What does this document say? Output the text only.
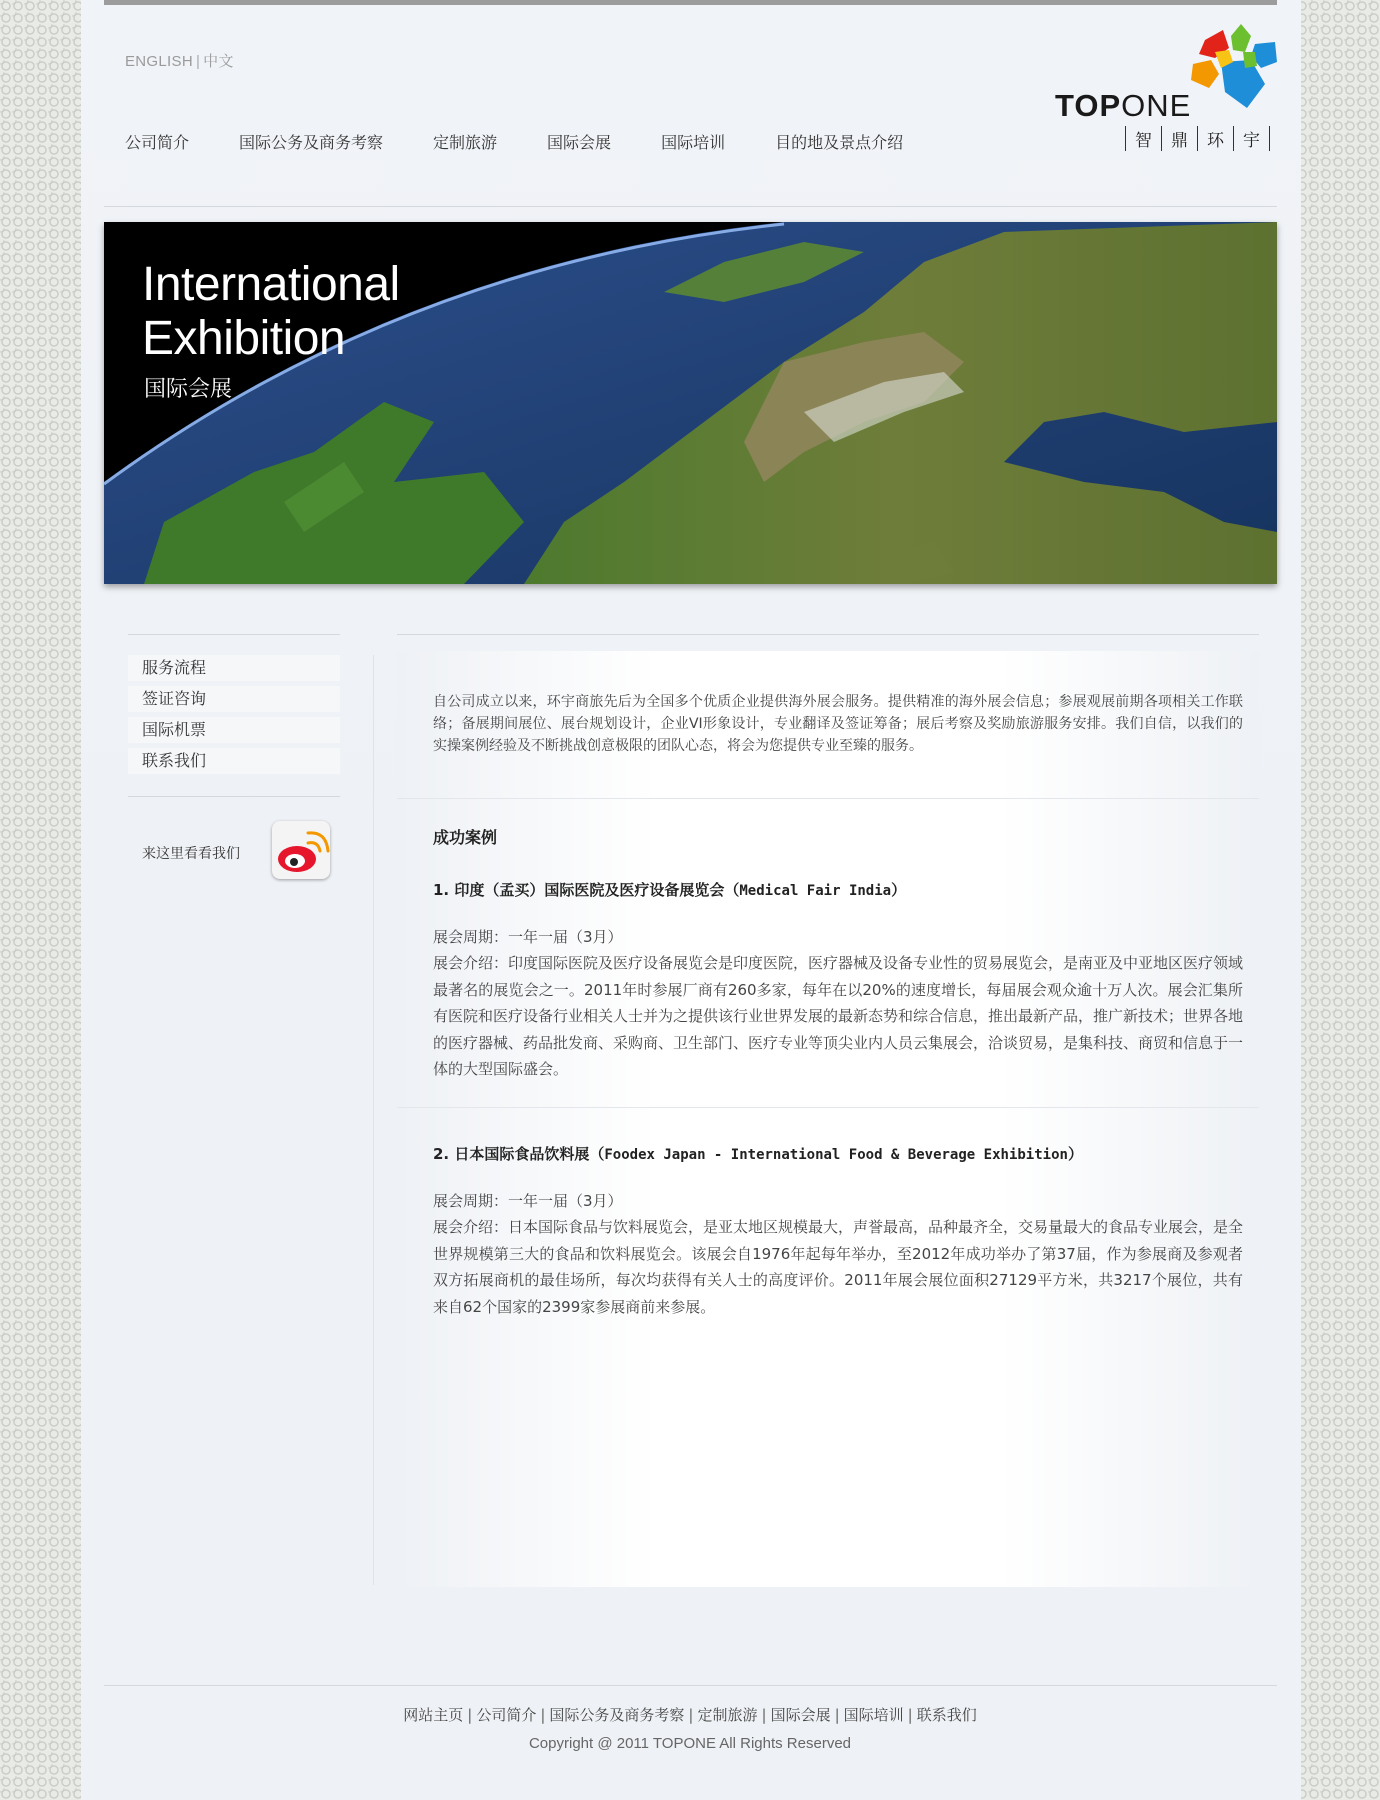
ENGLISH | 中文
公司简介	国际公务及商务考察	定制旅游	国际会展	国际培训	目的地及景点介绍
TOPONE
智	鼎	环	宇
International
Exhibition
国际会展
服务流程
签证咨询
国际机票
联系我们
来这里看看我们
自公司成立以来，环宇商旅先后为全国多个优质企业提供海外展会服务。提供精准的海外展会信息；参展观展前期各项相关工作联络；备展期间展位、展台规划设计，企业VI形象设计，专业翻译及签证筹备；展后考察及奖励旅游服务安排。我们自信，以我们的实操案例经验及不断挑战创意极限的团队心态，将会为您提供专业至臻的服务。
成功案例
1. 印度（孟买）国际医院及医疗设备展览会（Medical Fair India）
展会周期：一年一届（3月）
展会介绍：印度国际医院及医疗设备展览会是印度医院，医疗器械及设备专业性的贸易展览会，是南亚及中亚地区医疗领域最著名的展览会之一。2011年时参展厂商有260多家，每年在以20%的速度增长，每届展会观众逾十万人次。展会汇集所有医院和医疗设备行业相关人士并为之提供该行业世界发展的最新态势和综合信息，推出最新产品，推广新技术；世界各地的医疗器械、药品批发商、采购商、卫生部门、医疗专业等顶尖业内人员云集展会，洽谈贸易，是集科技、商贸和信息于一体的大型国际盛会。
2. 日本国际食品饮料展（Foodex Japan - International Food & Beverage Exhibition）
展会周期：一年一届（3月）
展会介绍：日本国际食品与饮料展览会，是亚太地区规模最大，声誉最高，品种最齐全，交易量最大的食品专业展会，是全世界规模第三大的食品和饮料展览会。该展会自1976年起每年举办，至2012年成功举办了第37届，作为参展商及参观者双方拓展商机的最佳场所，每次均获得有关人士的高度评价。2011年展会展位面积27129平方米，共3217个展位，共有来自62个国家的2399家参展商前来参展。
网站主页 | 公司简介 | 国际公务及商务考察 | 定制旅游 | 国际会展 | 国际培训 | 联系我们
Copyright @ 2011 TOPONE All Rights Reserved
